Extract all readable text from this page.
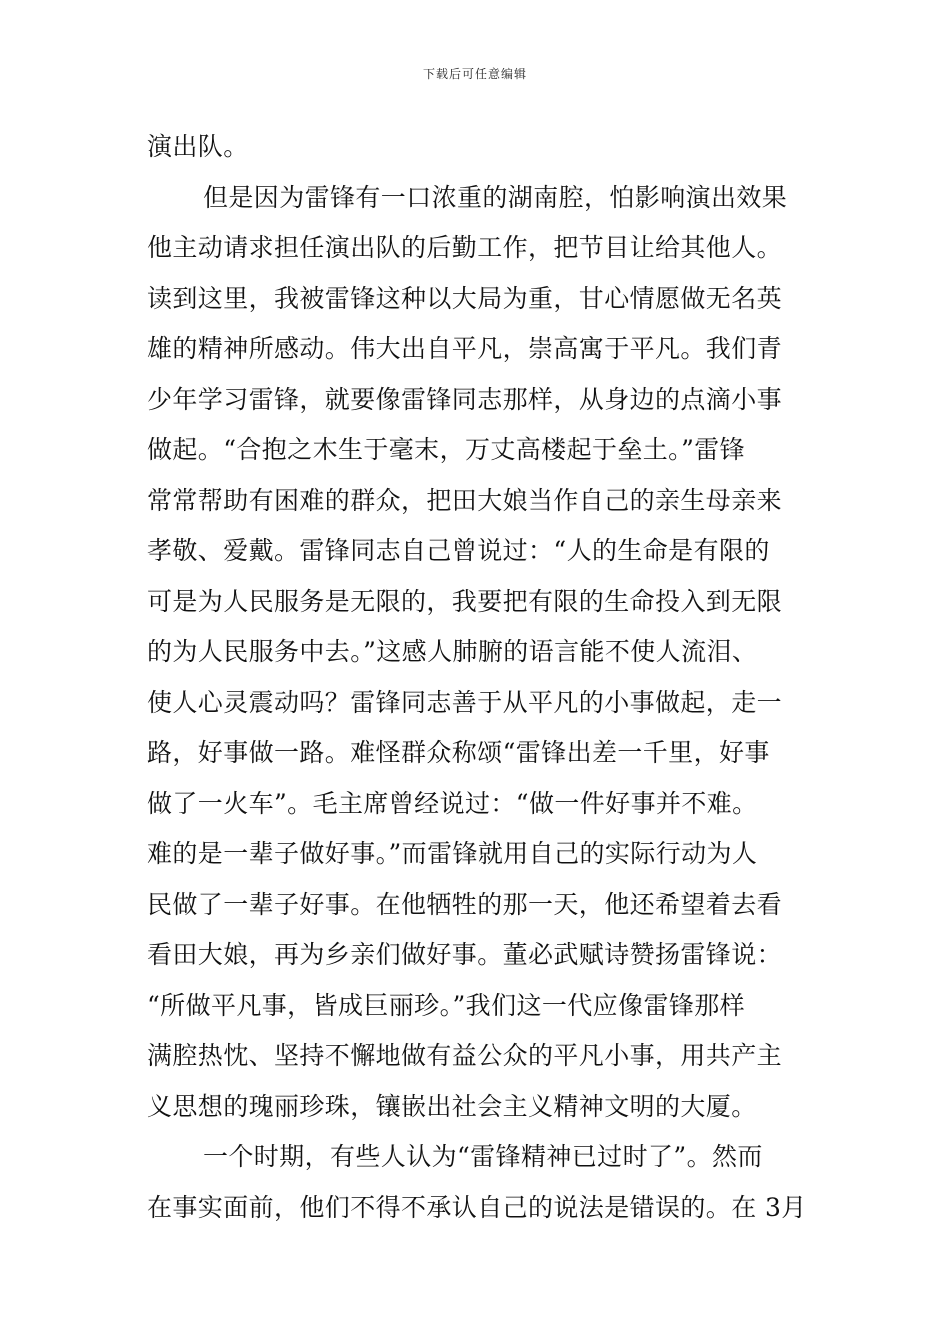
下载后可任意编辑
演出队。
但是因为雷锋有一口浓重的湖南腔，怕影响演出效果
他主动请求担任演出队的后勤工作，把节目让给其他人。
读到这里，我被雷锋这种以大局为重，甘心情愿做无名英
雄的精神所感动。伟大出自平凡，崇高寓于平凡。我们青
少年学习雷锋，就要像雷锋同志那样，从身边的点滴小事
做起。“合抱之木生于毫末，万丈高楼起于垒土。”雷锋
常常帮助有困难的群众，把田大娘当作自己的亲生母亲来
孝敬、爱戴。雷锋同志自己曾说过：“人的生命是有限的
可是为人民服务是无限的，我要把有限的生命投入到无限
的为人民服务中去。”这感人肺腑的语言能不使人流泪、
使人心灵震动吗？雷锋同志善于从平凡的小事做起，走一
路，好事做一路。难怪群众称颂“雷锋出差一千里，好事
做了一火车”。毛主席曾经说过：“做一件好事并不难。
难的是一辈子做好事。”而雷锋就用自己的实际行动为人
民做了一辈子好事。在他牺牲的那一天，他还希望着去看
看田大娘，再为乡亲们做好事。董必武赋诗赞扬雷锋说：
“所做平凡事，皆成巨丽珍。”我们这一代应像雷锋那样
满腔热忱、坚持不懈地做有益公众的平凡小事，用共产主
义思想的瑰丽珍珠，镶嵌出社会主义精神文明的大厦。
一个时期，有些人认为“雷锋精神已过时了”。然而
在事实面前，他们不得不承认自己的说法是错误的。在 3月
